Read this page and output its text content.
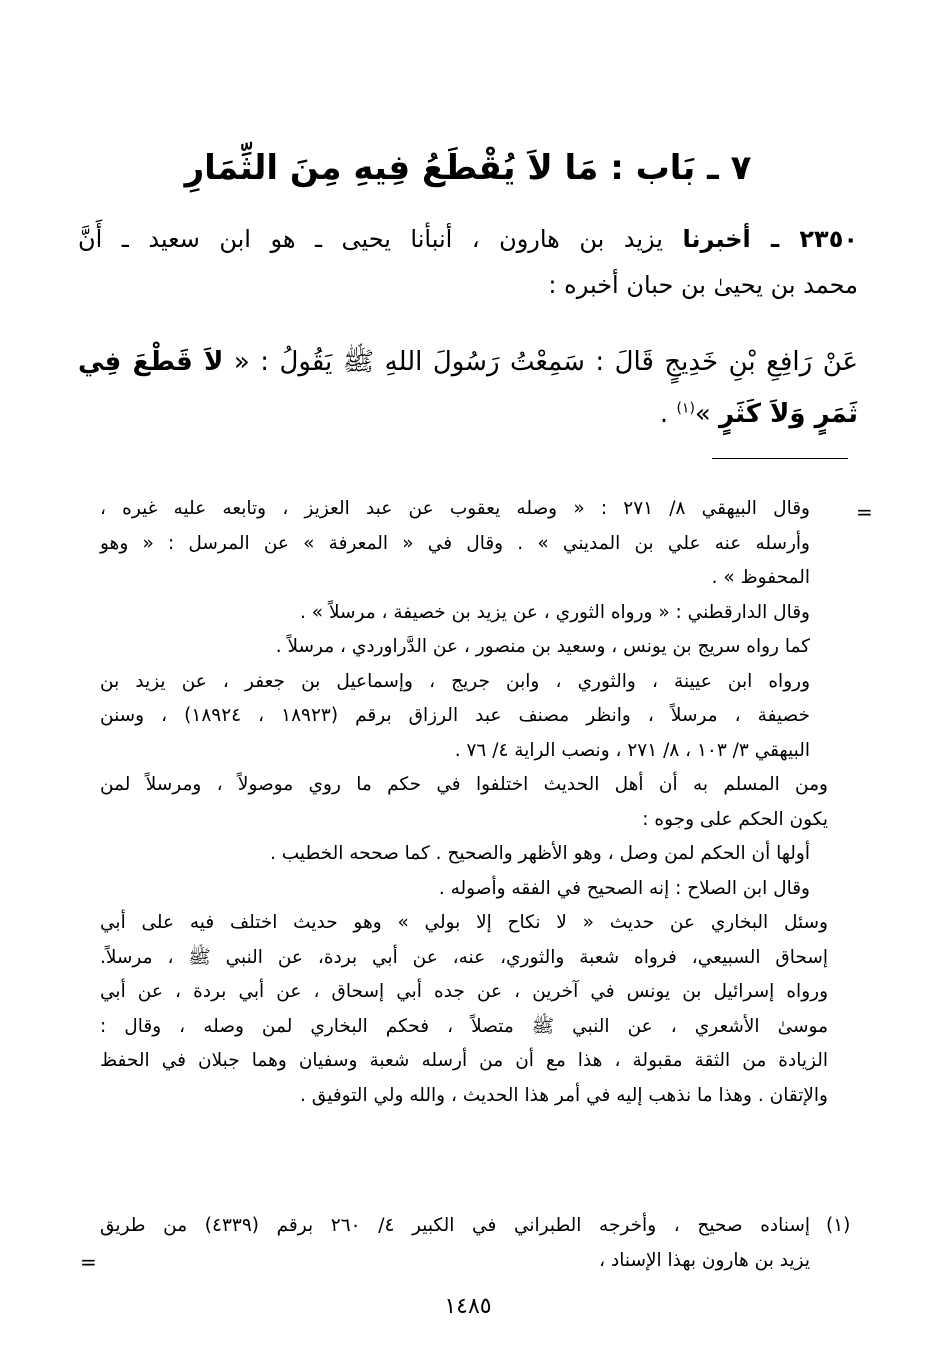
٧ ـ بَاب : مَا لاَ يُقْطَعُ فِيهِ مِنَ الثِّمَارِ
٢٣٥٠ ـ أخبرنا يزيد بن هارون ، أنبأنا يحيى ـ هو ابن سعيد ـ أَنَّ
محمد بن يحيىٰ بن حبان أخبره :
عَنْ رَافِعِ بْنِ خَدِيجٍ قَالَ : سَمِعْتُ رَسُولَ اللهِ ﷺ يَقُولُ : « لاَ قَطْعَ فِي
ثَمَرٍ وَلاَ كَثَرٍ »$^{(١)}$ .
=
وقال البيهقي ٨/ ٢٧١ : « وصله يعقوب عن عبد العزيز ، وتابعه عليه غيره ،
وأرسله عنه علي بن المديني » . وقال في « المعرفة » عن المرسل : « وهو
المحفوظ » .
وقال الدارقطني : « ورواه الثوري ، عن يزيد بن خصيفة ، مرسلاً » .
كما رواه سريج بن يونس ، وسعيد بن منصور ، عن الدَّراوردي ، مرسلاً .
ورواه ابن عيينة ، والثوري ، وابن جريج ، وإسماعيل بن جعفر ، عن يزيد بن
خصيفة ، مرسلاً ، وانظر مصنف عبد الرزاق برقم (١٨٩٢٣ ، ١٨٩٢٤) ، وسنن
البيهقي ٣/ ١٠٣ ، ٨/ ٢٧١ ، ونصب الراية ٤/ ٧٦ .
ومن المسلم به أن أهل الحديث اختلفوا في حكم ما روي موصولاً ، ومرسلاً لمن
يكون الحكم على وجوه :
أولها أن الحكم لمن وصل ، وهو الأظهر والصحيح . كما صححه الخطيب .
وقال ابن الصلاح : إنه الصحيح في الفقه وأصوله .
وسئل البخاري عن حديث « لا نكاح إلا بولي » وهو حديث اختلف فيه على أبي
إسحاق السبيعي، فرواه شعبة والثوري، عنه، عن أبي بردة، عن النبي ﷺ ، مرسلاً.
ورواه إسرائيل بن يونس في آخرين ، عن جده أبي إسحاق ، عن أبي بردة ، عن أبي
موسىٰ الأشعري ، عن النبي ﷺ متصلاً ، فحكم البخاري لمن وصله ، وقال :
الزيادة من الثقة مقبولة ، هذا مع أن من أرسله شعبة وسفيان وهما جبلان في الحفظ
والإتقان . وهذا ما نذهب إليه في أمر هذا الحديث ، والله ولي التوفيق .
(١)
إسناده صحيح ، وأخرجه الطبراني في الكبير ٤/ ٢٦٠ برقم (٤٣٣٩) من طريق
يزيد بن هارون بهذا الإسناد ،
=
١٤٨٥
